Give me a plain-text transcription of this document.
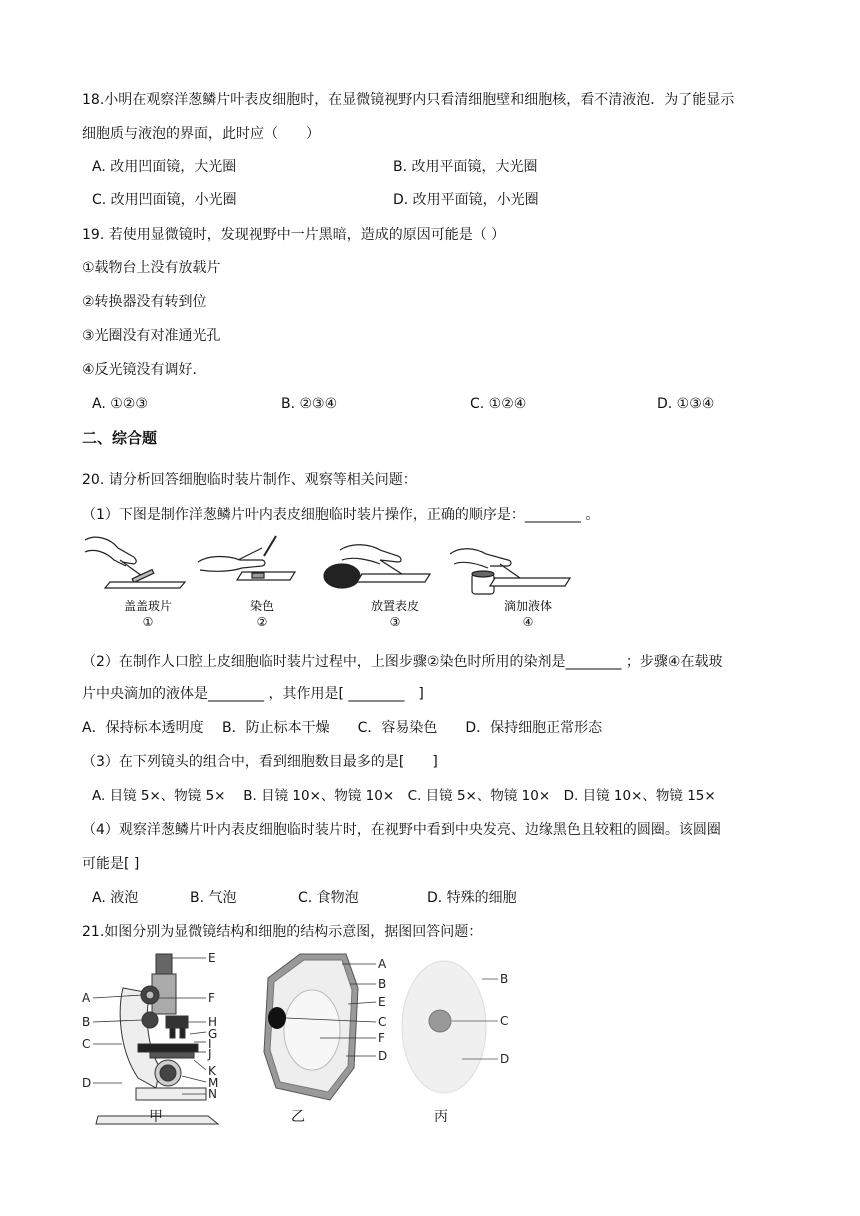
18.小明在观察洋葱鳞片叶表皮细胞时，在显微镜视野内只看清细胞壁和细胞核，看不清液泡．为了能显示
细胞质与液泡的界面，此时应（　　）
A. 改用凹面镜，大光圈	B. 改用平面镜，大光圈
C. 改用凹面镜，小光圈	D. 改用平面镜，小光圈
19. 若使用显微镜时，发现视野中一片黑暗，造成的原因可能是（ ）
①载物台上没有放载片
②转换器没有转到位
③光圈没有对准通光孔
④反光镜没有调好．
A. ①②③	B. ②③④	C. ①②④	D. ①③④
二、综合题
20. 请分析回答细胞临时装片制作、观察等相关问题：
（1）下图是制作洋葱鳞片叶内表皮细胞临时装片操作，正确的顺序是：________ 。
盖盖玻片
①
染色
②
放置表皮
③
滴加液体
④
（2）在制作人口腔上皮细胞临时装片过程中，上图步骤②染色时所用的染剂是________ ；步骤④在载玻
片中央滴加的液体是________ ，其作用是[ ________　]
A．保持标本透明度　 B．防止标本干燥　　C．容易染色　　D．保持细胞正常形态
（3）在下列镜头的组合中，看到细胞数目最多的是[　　]
A. 目镜 5×、物镜 5×　 B. 目镜 10×、物镜 10×　C. 目镜 5×、物镜 10×　D. 目镜 10×、物镜 15×
（4）观察洋葱鳞片叶内表皮细胞临时装片时，在视野中看到中央发亮、边缘黑色且较粗的圆圈。该圆圈
可能是[ ]
A. 液泡	B. 气泡	C. 食物泡	D. 特殊的细胞
21.如图分别为显微镜结构和细胞的结构示意图，据图回答问题：
E
A	F
B	H
G
I
C
J
K
D	M
N
甲
A
B
E
C
F
D
乙
B
C
D
丙
